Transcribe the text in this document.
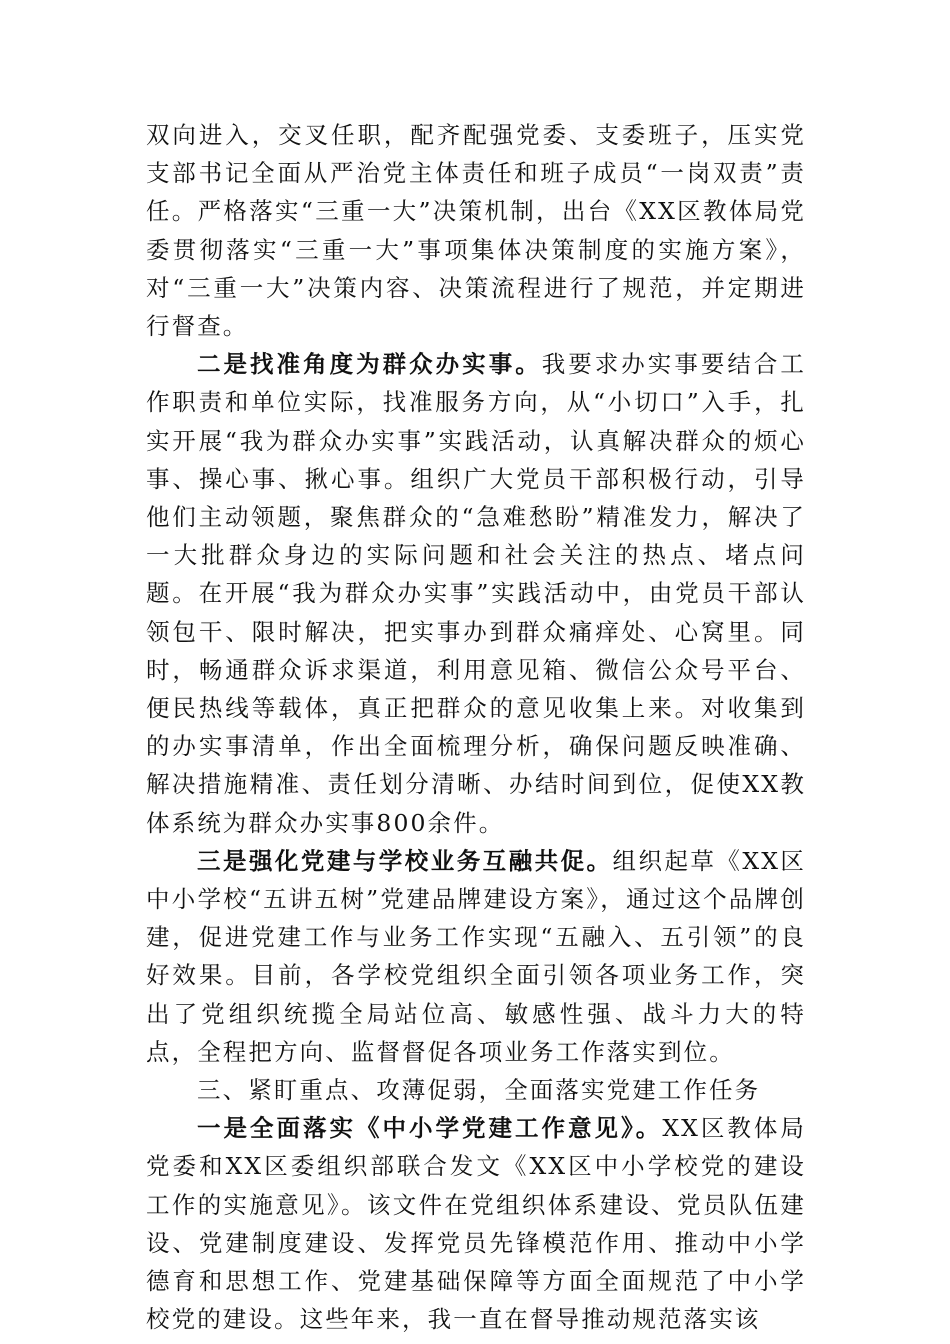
双向进入，交叉任职，配齐配强党委、支委班子，压实党支部书记全面从严治党主体责任和班子成员“一岗双责”责任。严格落实“三重一大”决策机制，出台《XX区教体局党委贯彻落实“三重一大”事项集体决策制度的实施方案》，对“三重一大”决策内容、决策流程进行了规范，并定期进行督查。

二是找准角度为群众办实事。我要求办实事要结合工作职责和单位实际，找准服务方向，从“小切口”入手，扎实开展“我为群众办实事”实践活动，认真解决群众的烦心事、操心事、揪心事。组织广大党员干部积极行动，引导他们主动领题，聚焦群众的“急难愁盼”精准发力，解决了一大批群众身边的实际问题和社会关注的热点、堵点问题。在开展“我为群众办实事”实践活动中，由党员干部认领包干、限时解决，把实事办到群众痛痒处、心窝里。同时，畅通群众诉求渠道，利用意见箱、微信公众号平台、便民热线等载体，真正把群众的意见收集上来。对收集到的办实事清单，作出全面梳理分析，确保问题反映准确、解决措施精准、责任划分清晰、办结时间到位，促使XX教体系统为群众办实事800余件。

三是强化党建与学校业务互融共促。组织起草《XX区中小学校“五讲五树”党建品牌建设方案》，通过这个品牌创建，促进党建工作与业务工作实现“五融入、五引领”的良好效果。目前，各学校党组织全面引领各项业务工作，突出了党组织统揽全局站位高、敏感性强、战斗力大的特点，全程把方向、监督督促各项业务工作落实到位。

三、紧盯重点、攻薄促弱，全面落实党建工作任务

一是全面落实《中小学党建工作意见》。XX区教体局党委和XX区委组织部联合发文《XX区中小学校党的建设工作的实施意见》。该文件在党组织体系建设、党员队伍建设、党建制度建设、发挥党员先锋模范作用、推动中小学德育和思想工作、党建基础保障等方面全面规范了中小学校党的建设。这些年来，我一直在督导推动规范落实该
